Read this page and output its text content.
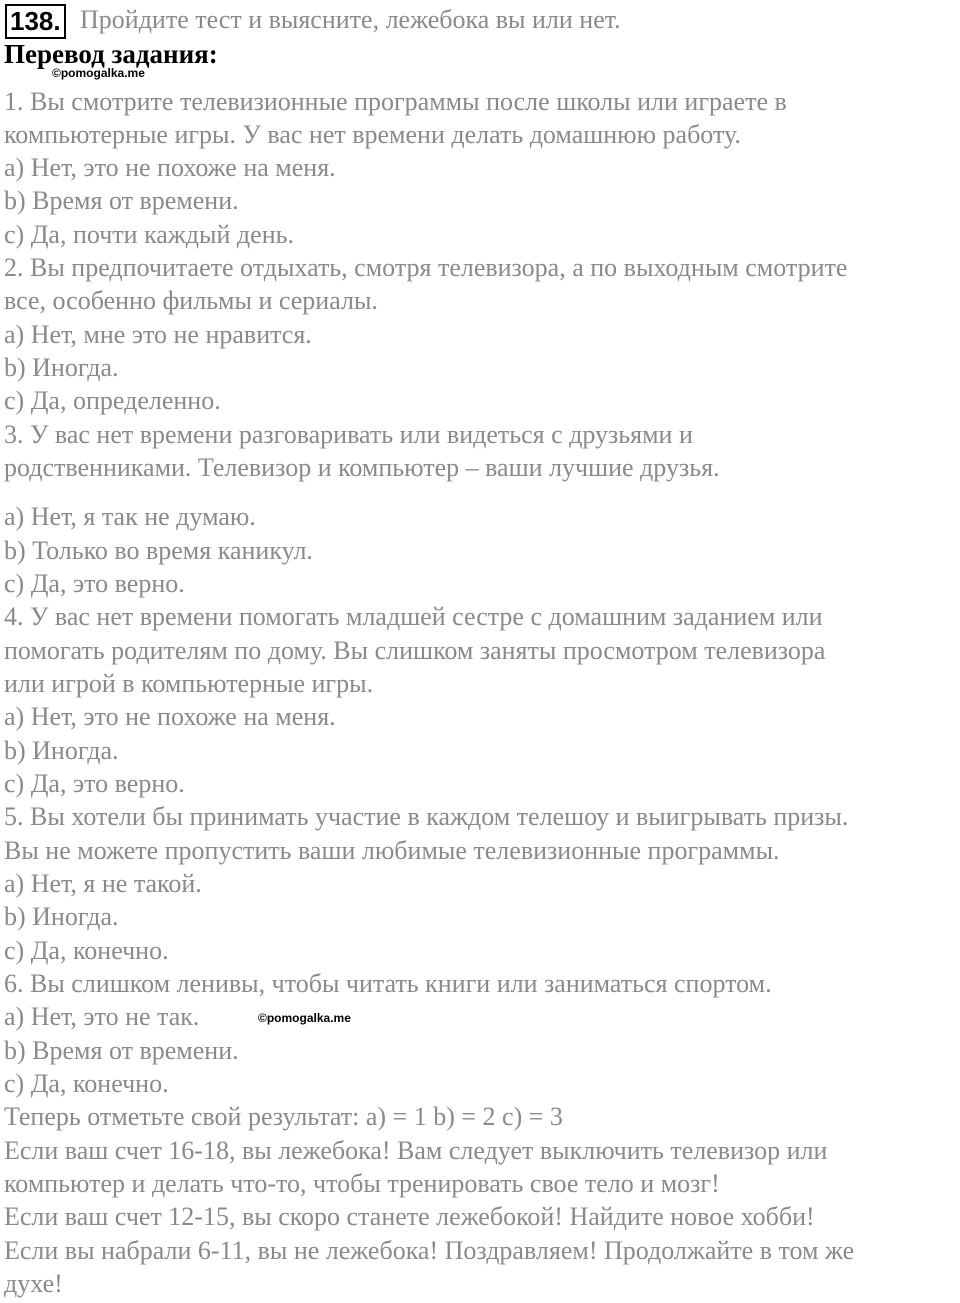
138. Пройдите тест и выясните, лежебока вы или нет.
Перевод задания:
©pomogalka.me
1. Вы смотрите телевизионные программы после школы или играете в
компьютерные игры. У вас нет времени делать домашнюю работу.
a) Нет, это не похоже на меня.
b) Время от времени.
c) Да, почти каждый день.
2. Вы предпочитаете отдыхать, смотря телевизора, а по выходным смотрите
все, особенно фильмы и сериалы.
a) Нет, мне это не нравится.
b) Иногда.
c) Да, определенно.
3. У вас нет времени разговаривать или видеться с друзьями и
родственниками. Телевизор и компьютер – ваши лучшие друзья.
a) Нет, я так не думаю.
b) Только во время каникул.
c) Да, это верно.
4. У вас нет времени помогать младшей сестре с домашним заданием или
помогать родителям по дому. Вы слишком заняты просмотром телевизора
или игрой в компьютерные игры.
a) Нет, это не похоже на меня.
b) Иногда.
c) Да, это верно.
5. Вы хотели бы принимать участие в каждом телешоу и выигрывать призы.
Вы не можете пропустить ваши любимые телевизионные программы.
a) Нет, я не такой.
b) Иногда.
c) Да, конечно.
6. Вы слишком ленивы, чтобы читать книги или заниматься спортом.
a) Нет, это не так.
b) Время от времени.
c) Да, конечно.
Теперь отметьте свой результат: a) = 1 b) = 2 c) = 3
Если ваш счет 16-18, вы лежебока! Вам следует выключить телевизор или
компьютер и делать что-то, чтобы тренировать свое тело и мозг!
Если ваш счет 12-15, вы скоро станете лежебокой! Найдите новое хобби!
Если вы набрали 6-11, вы не лежебока! Поздравляем! Продолжайте в том же
духе!
©pomogalka.me
